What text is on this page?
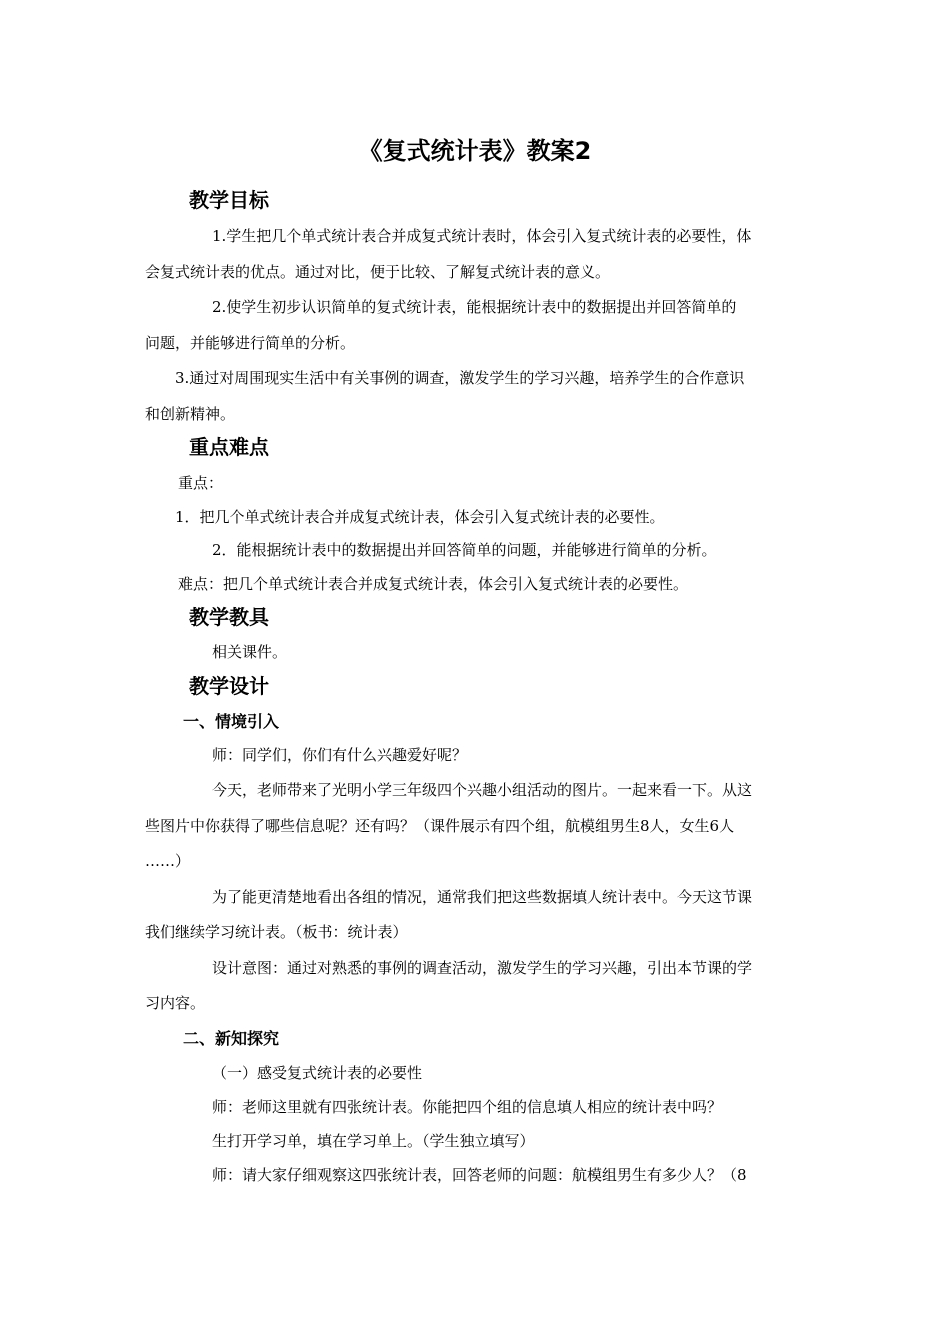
《复式统计表》教案2
教学目标
1.学生把几个单式统计表合并成复式统计表时，体会引入复式统计表的必要性，体
会复式统计表的优点。通过对比，便于比较、了解复式统计表的意义。
2.使学生初步认识简单的复式统计表，能根据统计表中的数据提出并回答简单的
问题，并能够进行简单的分析。
3.通过对周围现实生活中有关事例的调查，激发学生的学习兴趣，培养学生的合作意识
和创新精神。
重点难点
重点：
1．把几个单式统计表合并成复式统计表，体会引入复式统计表的必要性。
2．能根据统计表中的数据提出并回答简单的问题，并能够进行简单的分析。
难点：把几个单式统计表合并成复式统计表，体会引入复式统计表的必要性。
教学教具
相关课件。
教学设计
一、情境引入
师：同学们，你们有什么兴趣爱好呢？
今天，老师带来了光明小学三年级四个兴趣小组活动的图片。一起来看一下。从这
些图片中你获得了哪些信息呢？还有吗？（课件展示有四个组，航模组男生8人，女生6人
……）
为了能更清楚地看出各组的情况，通常我们把这些数据填人统计表中。今天这节课
我们继续学习统计表。（板书：统计表）
设计意图：通过对熟悉的事例的调查活动，激发学生的学习兴趣，引出本节课的学
习内容。
二、新知探究
（一）感受复式统计表的必要性
师：老师这里就有四张统计表。你能把四个组的信息填人相应的统计表中吗？
生打开学习单，填在学习单上。（学生独立填写）
师：请大家仔细观察这四张统计表，回答老师的问题：航模组男生有多少人？（8
